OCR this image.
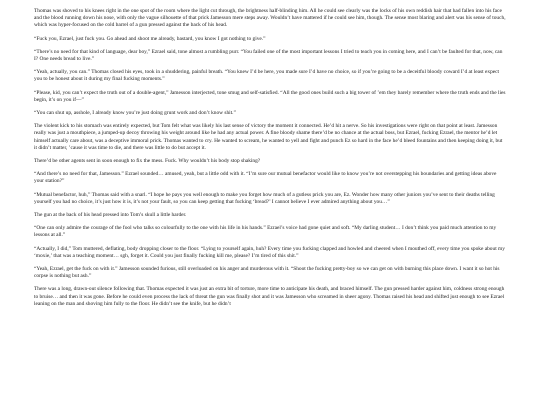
Thomas was shoved to his knees right in the one spot of the room where the light cut through, the brightness half-blinding him. All he could see clearly was the locks of his own reddish hair that had fallen into his face and the blood running down his nose, with only the vague silhouette of that prick Jamesson mere steps away. Wouldn’t have mattered if he could see him, though. The sense most blaring and alert was his sense of touch, which was hyper-focused on the cold barrel of a gun pressed against the back of his head.

“Fuck you, Ezrael, just fuck you. Go ahead and shoot me already, bastard, you know I got nothing to give.”

“There’s no need for that kind of language, dear boy,” Ezrael said, tone almost a rumbling purr. “You failed one of the most important lessons I tried to teach you in coming here, and I can’t be faulted for that, now, can I? One needs bread to live.”

“Yeah, actually, you can.” Thomas closed his eyes, took in a shuddering, painful breath. “You knew I’d be here, you made sure I’d have no choice, so if you’re going to be a deceitful bloody coward I’d at least expect you to be honest about it during my final fucking moments.”

“Please, kid, you can’t expect the truth out of a double-agent,” Jamesson interjected, tone smug and self-satisfied. “All the good ones build such a big tower of ’em they barely remember where the truth ends and the lies begin, it’s on you if—”

“You can shut up, asshole, I already know you’re just doing grunt work and don’t know shit.”

The violent kick to his stomach was entirely expected, but Tom felt what was likely his last sense of victory the moment it connected. He’d hit a nerve. So his investigations were right on that point at least. Jamesson really was just a mouthpiece, a jumped-up decoy throwing his weight around like he had any actual power. A fine bloody shame there’d be no chance at the actual boss, but Ezrael, fucking Ezrael, the mentor he’d let himself actually care about, was a deceptive immoral prick. Thomas wanted to cry. He wanted to scream, he wanted to yell and fight and punch Ez so hard in the face he’d bleed fountains and then keeping doing it, but it didn’t matter, ’cause it was time to die, and there was little to do but accept it.

There’d be other agents sent in soon enough to fix the mess. Fuck. Why wouldn’t his body stop shaking?

“And there’s no need for that, Jamesson.” Ezrael sounded… amused, yeah, but a little odd with it. “I’m sure our mutual benefactor would like to know you’re not overstepping his boundaries and getting ideas above your station?”

“Mutual benefactor, huh,” Thomas said with a snarl. “I hope he pays you well enough to make you forget how much of a gutless prick you are, Ez. Wonder how many other juniors you’ve sent to their deaths telling yourself you had no choice, it’s just how it is, it’s not your fault, so you can keep getting that fucking ‘bread?’ I cannot believe I ever admired anything about you…”

The gun at the back of his head pressed into Tom’s skull a little harder.

“One can only admire the courage of the fool who talks so colourfully to the one with his life in his hands.” Ezrael’s voice had gone quiet and soft. “My darling student… I don’t think you paid much attention to my lessons at all.”

“Actually, I did,” Tom muttered, deflating, body dropping closer to the floor. “Lying to yourself again, huh? Every time you fucking clapped and howled and cheered when I mouthed off, every time you spoke about my ‘moxie,’ that was a teaching moment… sgh, forget it. Could you just finally fucking kill me, please? I’m tired of this shit.”

“Yeah, Ezrael, get the fuck on with it.” Jamesson sounded furious, still overloaded on his anger and murderous with it. “Shoot the fucking pretty-boy so we can get on with burning this place down. I want it so hot his corpse is nothing but ash.”

There was a long, drawn-out silence following that. Thomas expected it was just an extra bit of torture, more time to anticipate his death, and braced himself. The gun pressed harder against him, coldness strong enough to bruise… and then it was gone. Before he could even process the lack of threat the gun was finally shot and it was Jamesson who screamed in sheer agony. Thomas raised his head and shifted just enough to see Ezrael leaning on the man and shoving him fully to the floor. He didn’t see the knife, but he didn’t
